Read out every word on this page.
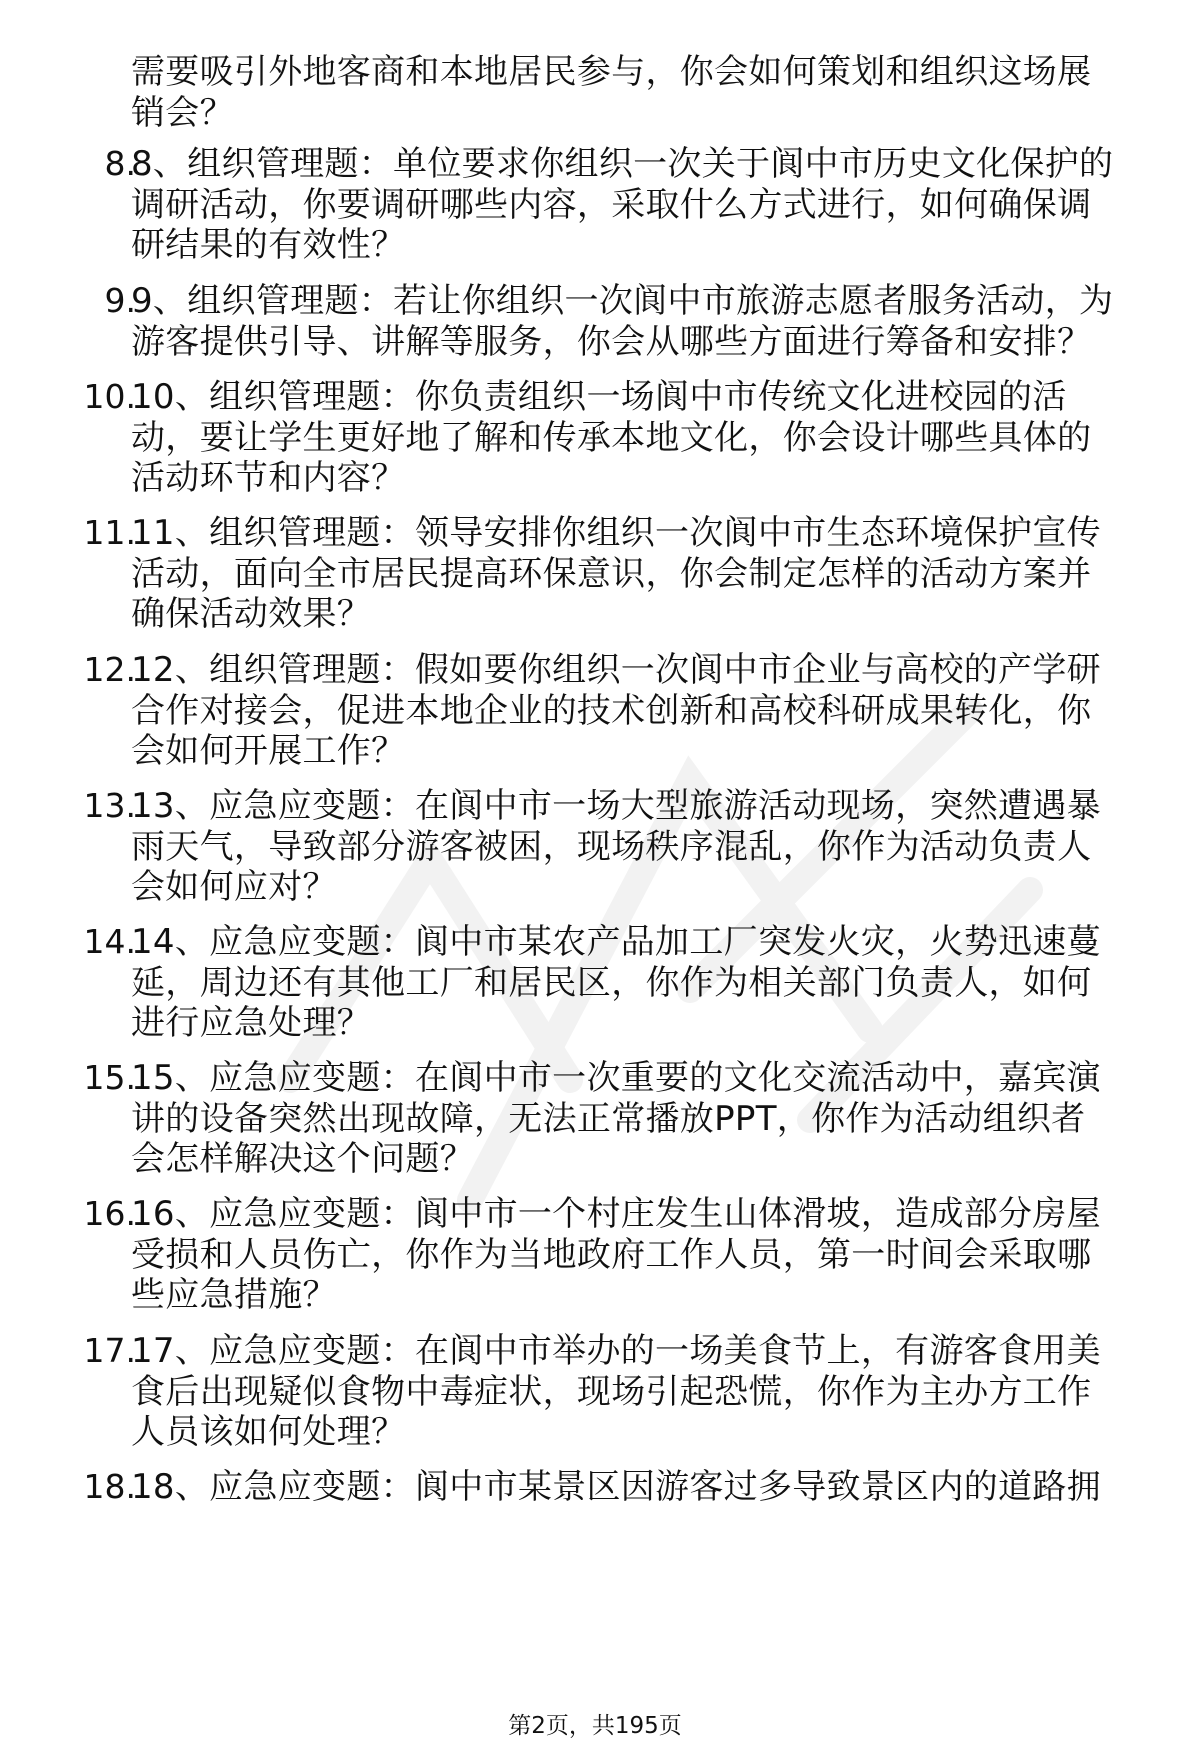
需要吸引外地客商和本地居民参与，你会如何策划和组织这场展
销会？
8.
8、组织管理题：单位要求你组织一次关于阆中市历史文化保护的
调研活动，你要调研哪些内容，采取什么方式进行，如何确保调
研结果的有效性？
9.
9、组织管理题：若让你组织一次阆中市旅游志愿者服务活动，为
游客提供引导、讲解等服务，你会从哪些方面进行筹备和安排？
10.
10、组织管理题：你负责组织一场阆中市传统文化进校园的活
动，要让学生更好地了解和传承本地文化，你会设计哪些具体的
活动环节和内容？
11.
11、组织管理题：领导安排你组织一次阆中市生态环境保护宣传
活动，面向全市居民提高环保意识，你会制定怎样的活动方案并
确保活动效果？
12.
12、组织管理题：假如要你组织一次阆中市企业与高校的产学研
合作对接会，促进本地企业的技术创新和高校科研成果转化，你
会如何开展工作？
13.
13、应急应变题：在阆中市一场大型旅游活动现场，突然遭遇暴
雨天气，导致部分游客被困，现场秩序混乱，你作为活动负责人
会如何应对？
14.
14、应急应变题：阆中市某农产品加工厂突发火灾，火势迅速蔓
延，周边还有其他工厂和居民区，你作为相关部门负责人，如何
进行应急处理？
15.
15、应急应变题：在阆中市一次重要的文化交流活动中，嘉宾演
讲的设备突然出现故障，无法正常播放PPT，你作为活动组织者
会怎样解决这个问题？
16.
16、应急应变题：阆中市一个村庄发生山体滑坡，造成部分房屋
受损和人员伤亡，你作为当地政府工作人员，第一时间会采取哪
些应急措施？
17.
17、应急应变题：在阆中市举办的一场美食节上，有游客食用美
食后出现疑似食物中毒症状，现场引起恐慌，你作为主办方工作
人员该如何处理？
18.
18、应急应变题：阆中市某景区因游客过多导致景区内的道路拥
第2页，共195页
